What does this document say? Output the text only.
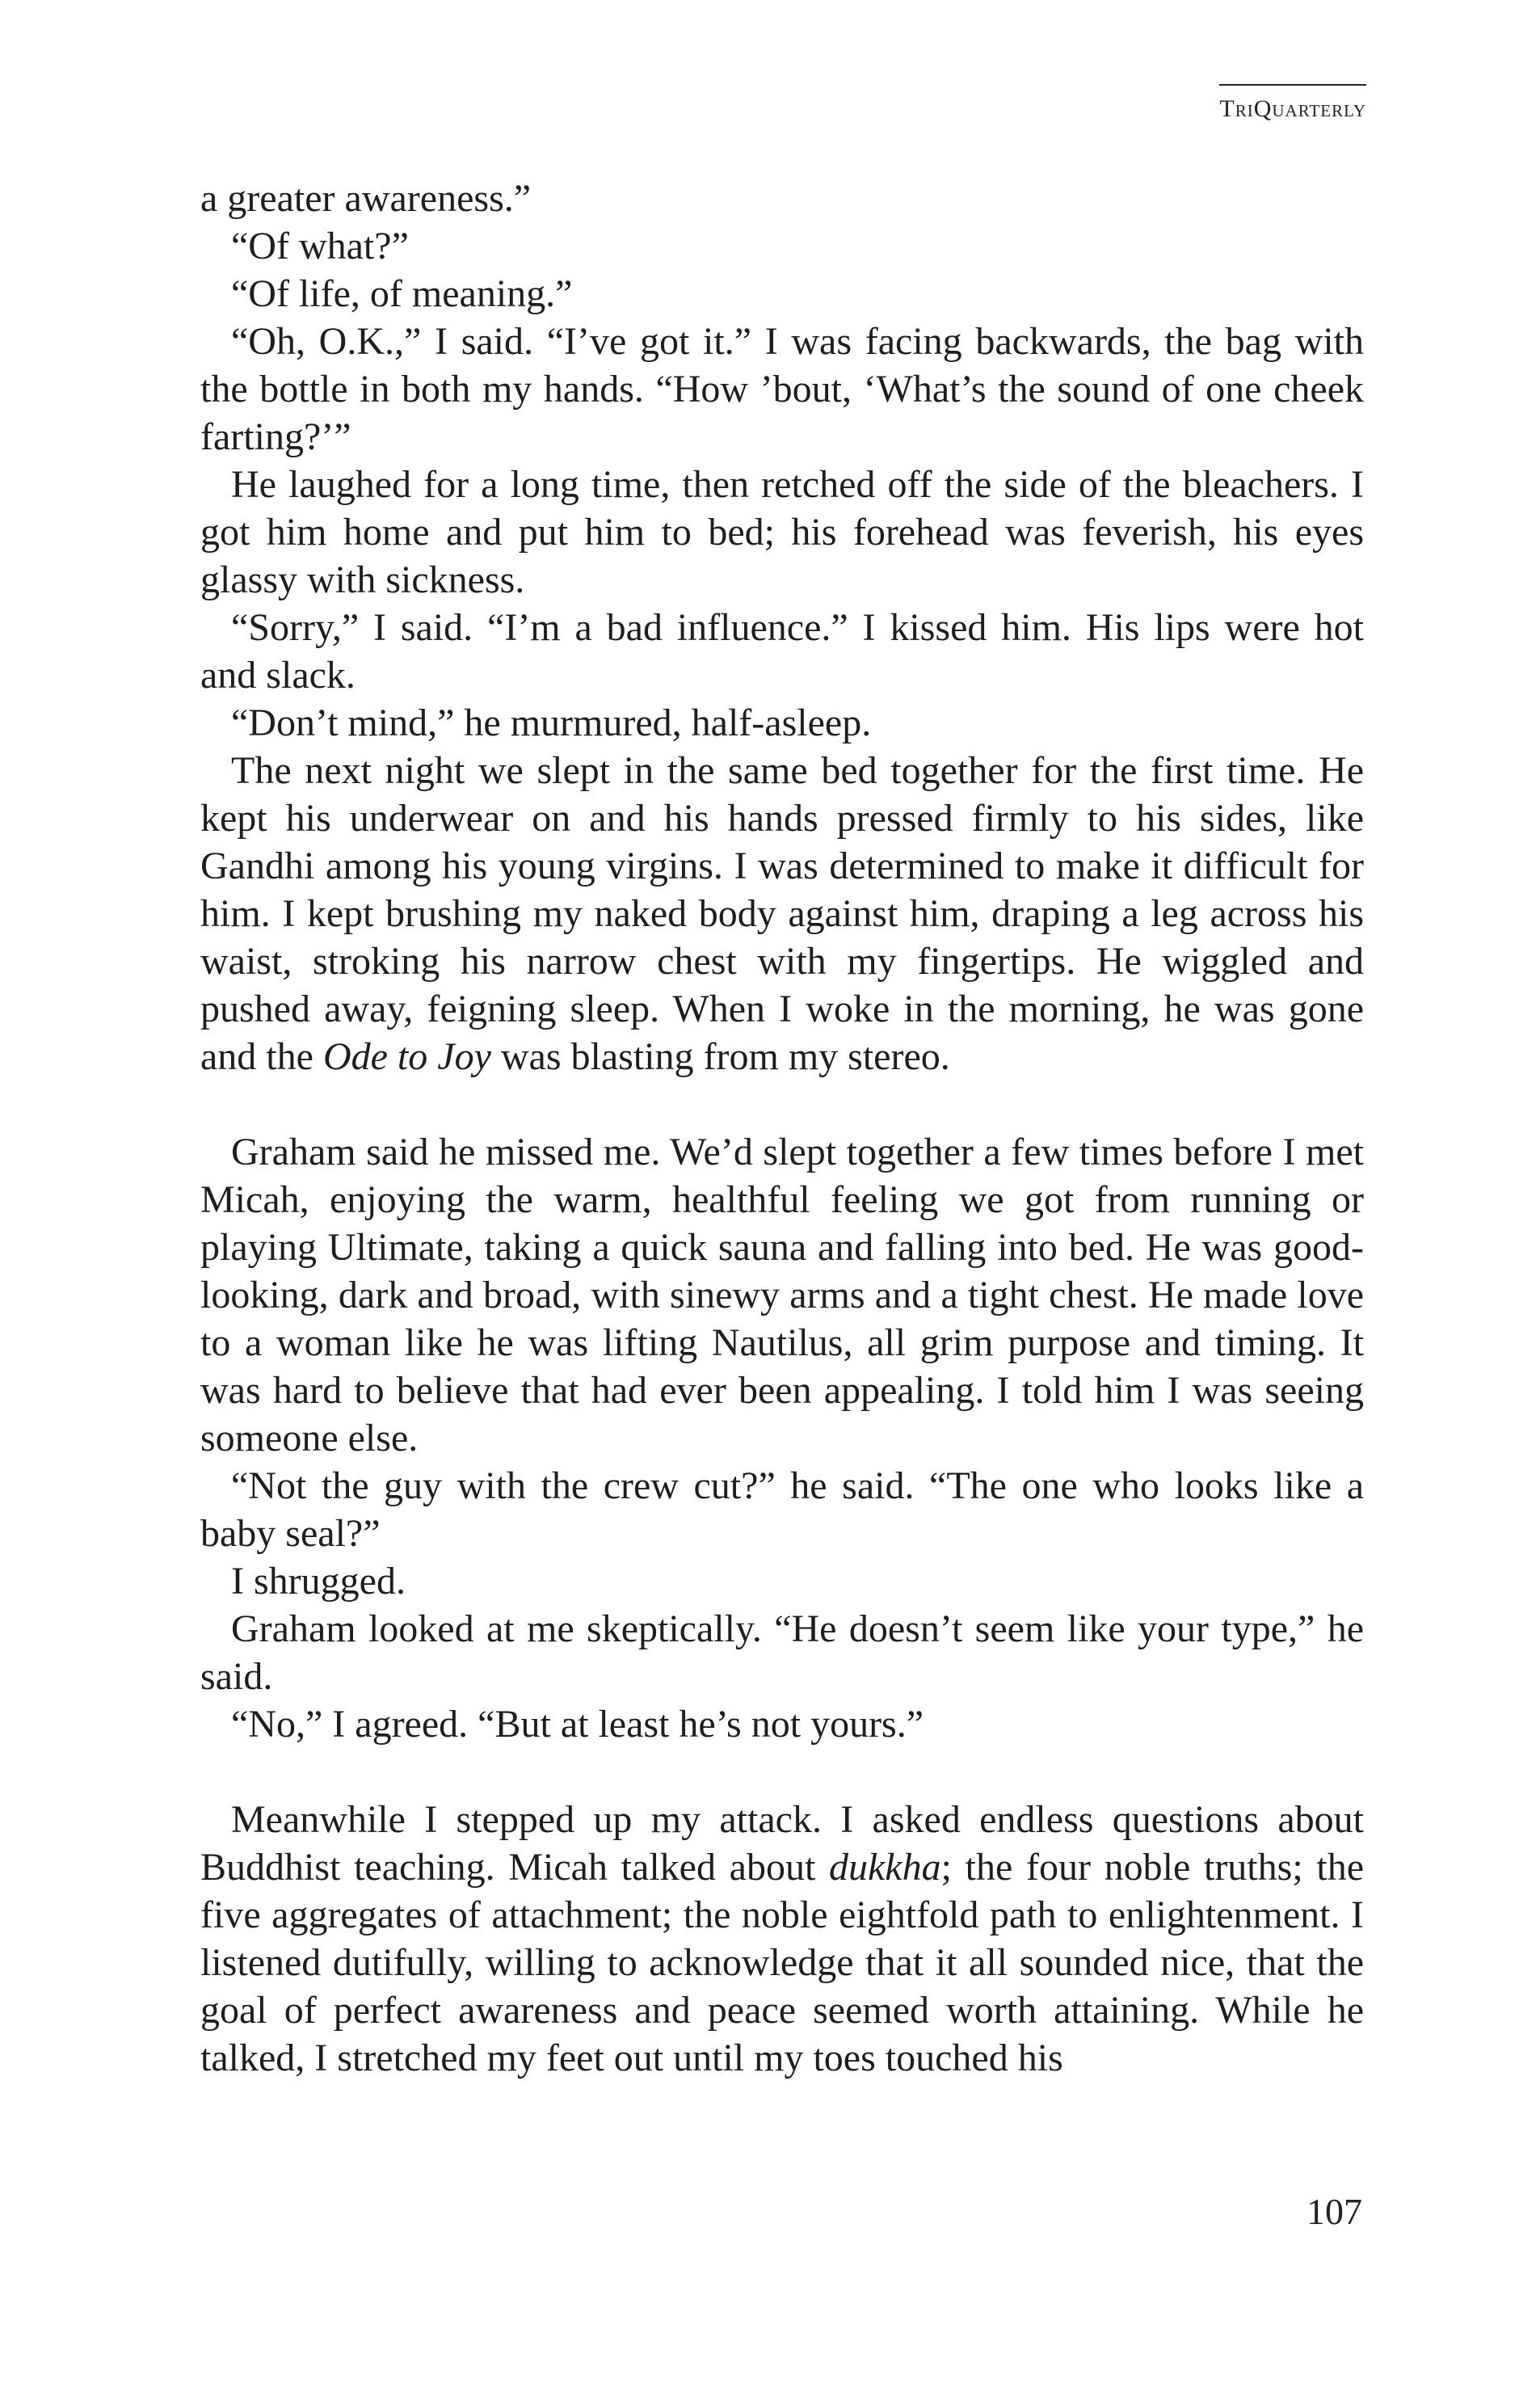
TriQuarterly

a greater awareness.”

“Of what?”

“Of life, of meaning.”

“Oh, O.K.,” I said. “I’ve got it.” I was facing backwards, the bag with the bottle in both my hands. “How ’bout, ‘What’s the sound of one cheek farting?’”

He laughed for a long time, then retched off the side of the bleachers. I got him home and put him to bed; his forehead was feverish, his eyes glassy with sickness.

“Sorry,” I said. “I’m a bad influence.” I kissed him. His lips were hot and slack.

“Don’t mind,” he murmured, half-asleep.

The next night we slept in the same bed together for the first time. He kept his underwear on and his hands pressed firmly to his sides, like Gandhi among his young virgins. I was determined to make it difficult for him. I kept brushing my naked body against him, draping a leg across his waist, stroking his narrow chest with my fingertips. He wiggled and pushed away, feigning sleep. When I woke in the morning, he was gone and the Ode to Joy was blasting from my stereo.

Graham said he missed me. We’d slept together a few times before I met Micah, enjoying the warm, healthful feeling we got from running or playing Ultimate, taking a quick sauna and falling into bed. He was good-looking, dark and broad, with sinewy arms and a tight chest. He made love to a woman like he was lifting Nautilus, all grim purpose and timing. It was hard to believe that had ever been appealing. I told him I was seeing someone else.

“Not the guy with the crew cut?” he said. “The one who looks like a baby seal?”

I shrugged.

Graham looked at me skeptically. “He doesn’t seem like your type,” he said.

“No,” I agreed. “But at least he’s not yours.”

Meanwhile I stepped up my attack. I asked endless questions about Buddhist teaching. Micah talked about dukkha; the four noble truths; the five aggregates of attachment; the noble eightfold path to enlightenment. I listened dutifully, willing to acknowledge that it all sounded nice, that the goal of perfect awareness and peace seemed worth attaining. While he talked, I stretched my feet out until my toes touched his

107
